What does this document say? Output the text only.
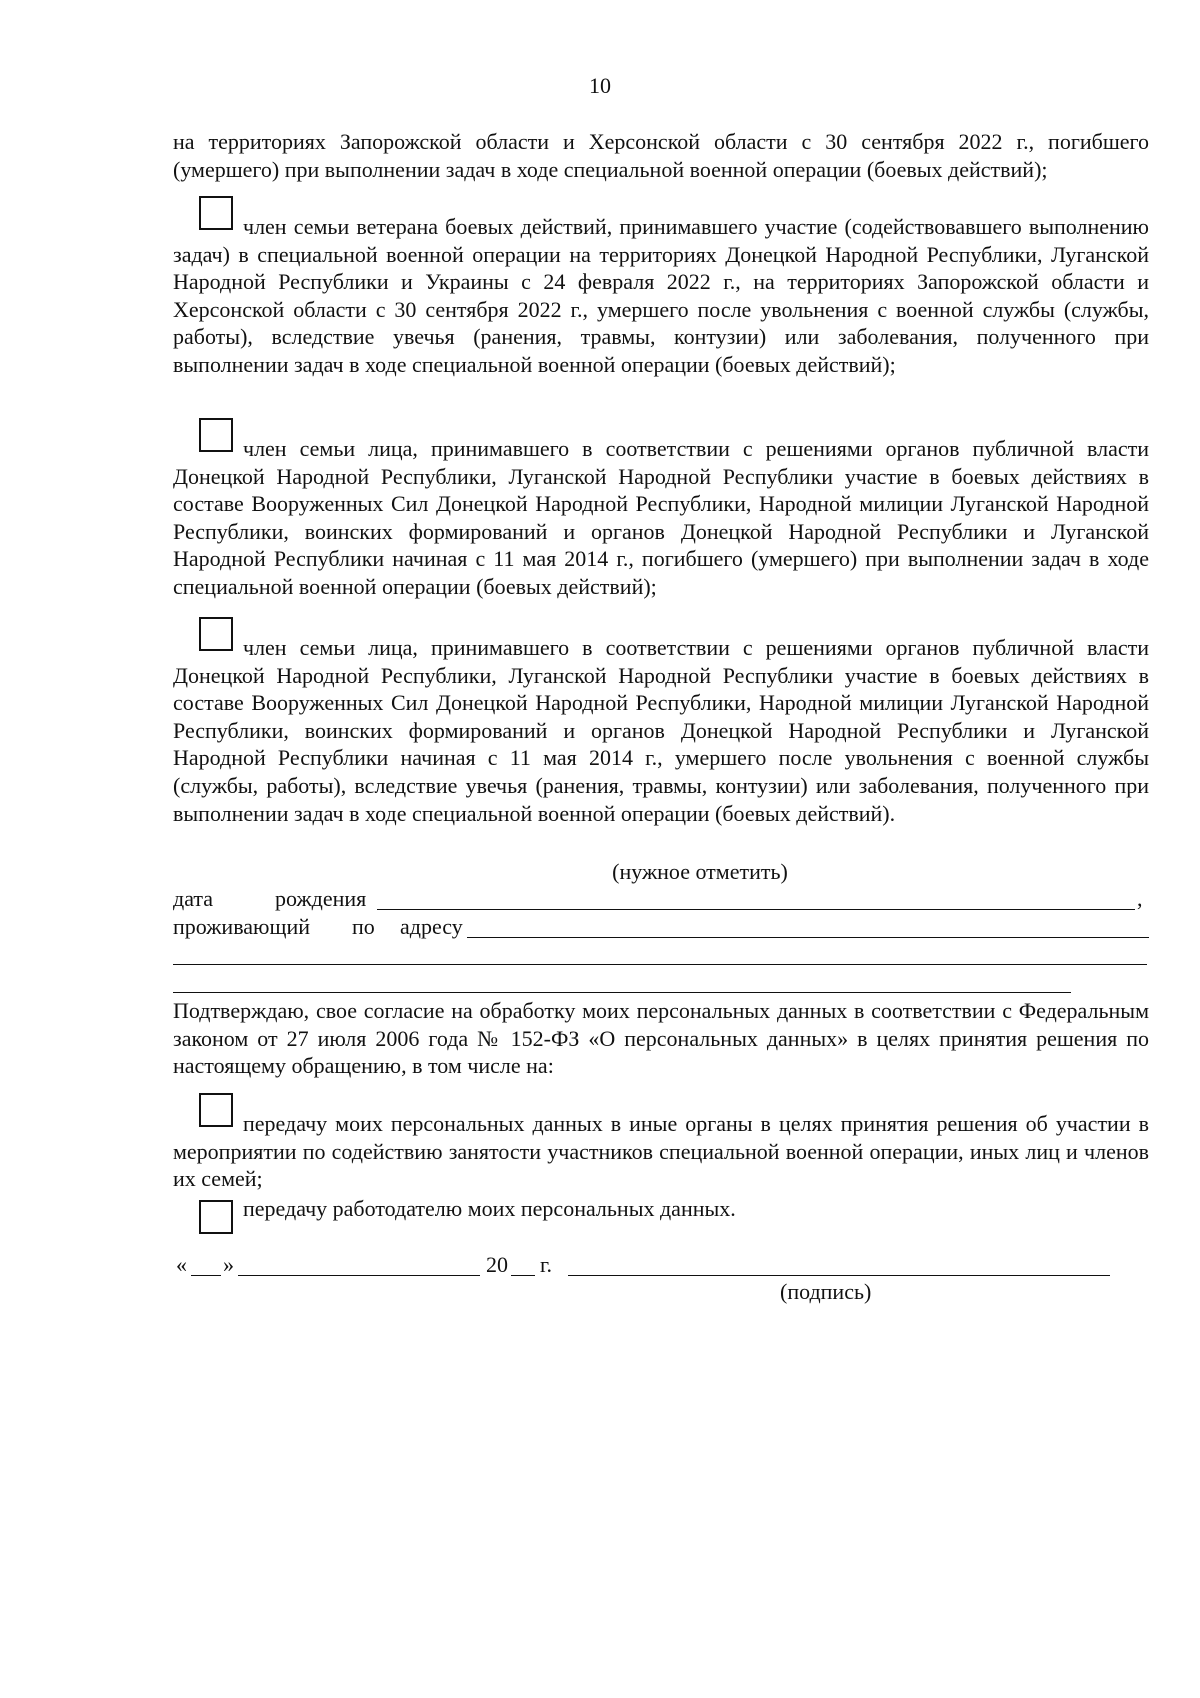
10
на территориях Запорожской области и Херсонской области с 30 сентября 2022 г., погибшего (умершего) при выполнении задач в ходе специальной военной операции (боевых действий);
член семьи ветерана боевых действий, принимавшего участие (содействовавшего выполнению задач) в специальной военной операции на территориях Донецкой Народной Республики, Луганской Народной Республики и Украины с 24 февраля 2022 г., на территориях Запорожской области и Херсонской области с 30 сентября 2022 г., умершего после увольнения с военной службы (службы, работы), вследствие увечья (ранения, травмы, контузии) или заболевания, полученного при выполнении задач в ходе специальной военной операции (боевых действий);
член семьи лица, принимавшего в соответствии с решениями органов публичной власти Донецкой Народной Республики, Луганской Народной Республики участие в боевых действиях в составе Вооруженных Сил Донецкой Народной Республики, Народной милиции Луганской Народной Республики, воинских формирований и органов Донецкой Народной Республики и Луганской Народной Республики начиная с 11 мая 2014 г., погибшего (умершего) при выполнении задач в ходе специальной военной операции (боевых действий);
член семьи лица, принимавшего в соответствии с решениями органов публичной власти Донецкой Народной Республики, Луганской Народной Республики участие в боевых действиях в составе Вооруженных Сил Донецкой Народной Республики, Народной милиции Луганской Народной Республики, воинских формирований и органов Донецкой Народной Республики и Луганской Народной Республики начиная с 11 мая 2014 г., умершего после увольнения с военной службы (службы, работы), вследствие увечья (ранения, травмы, контузии) или заболевания, полученного при выполнении задач в ходе специальной военной операции (боевых действий).
(нужное отметить)
дата	рождения	,
проживающий по адресу
Подтверждаю, свое согласие на обработку моих персональных данных в соответствии с Федеральным законом от 27 июля 2006 года № 152-ФЗ «О персональных данных» в целях принятия решения по настоящему обращению, в том числе на:
передачу моих персональных данных в иные органы в целях принятия решения об участии в мероприятии по содействию занятости участников специальной военной операции, иных лиц и членов их семей;
передачу работодателю моих персональных данных.
« »	20 г.
(подпись)
